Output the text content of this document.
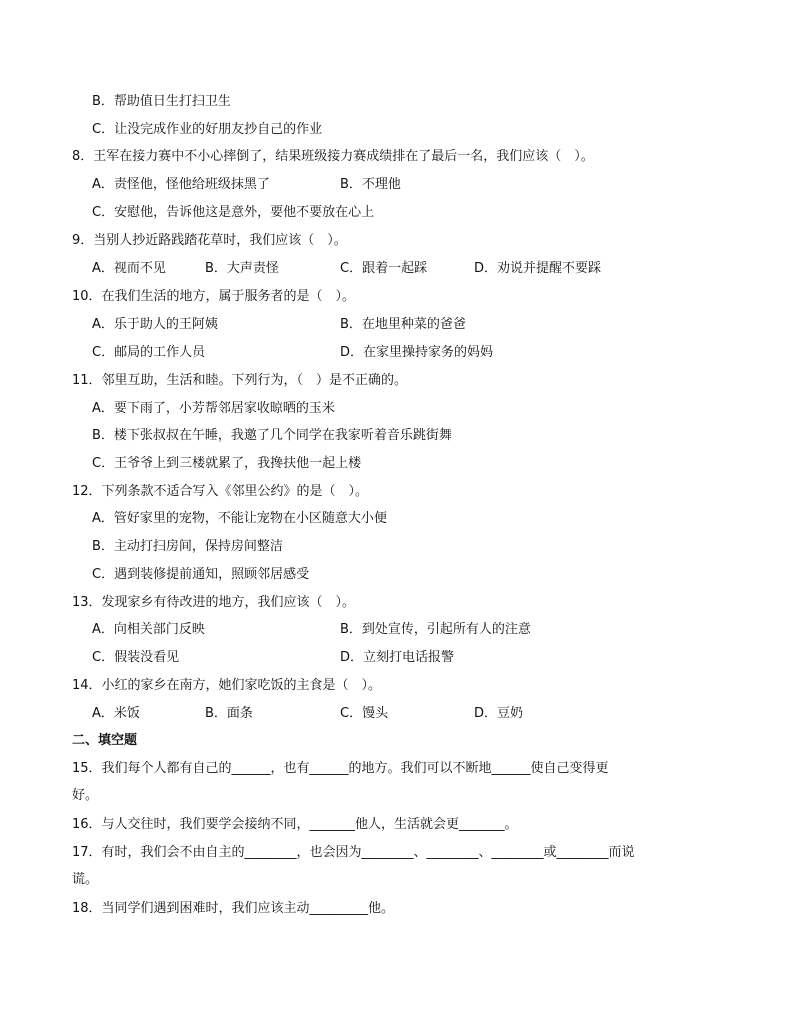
B．帮助值日生打扫卫生
C．让没完成作业的好朋友抄自己的作业
8．王军在接力赛中不小心摔倒了，结果班级接力赛成绩排在了最后一名，我们应该（　）。
A．责怪他，怪他给班级抹黑了	B．不理他
C．安慰他，告诉他这是意外，要他不要放在心上
9．当别人抄近路践踏花草时，我们应该（　）。
A．视而不见	B．大声责怪	C．跟着一起踩	D．劝说并提醒不要踩
10．在我们生活的地方，属于服务者的是（　）。
A．乐于助人的王阿姨	B．在地里种菜的爸爸
C．邮局的工作人员	D．在家里操持家务的妈妈
11．邻里互助，生活和睦。下列行为，（　）是不正确的。
A．要下雨了，小芳帮邻居家收晾晒的玉米
B．楼下张叔叔在午睡，我邀了几个同学在我家听着音乐跳街舞
C．王爷爷上到三楼就累了，我搀扶他一起上楼
12．下列条款不适合写入《邻里公约》的是（　）。
A．管好家里的宠物，不能让宠物在小区随意大小便
B．主动打扫房间，保持房间整洁
C．遇到装修提前通知，照顾邻居感受
13．发现家乡有待改进的地方，我们应该（　）。
A．向相关部门反映	B．到处宣传，引起所有人的注意
C．假装没看见	D．立刻打电话报警
14．小红的家乡在南方，她们家吃饭的主食是（　）。
A．米饭	B．面条	C．馒头	D．豆奶
二、填空题
15．我们每个人都有自己的______，也有______的地方。我们可以不断地______使自己变得更
好。
16．与人交往时，我们要学会接纳不同，_______他人，生活就会更_______。
17．有时，我们会不由自主的________，也会因为________、________、________或________而说
谎。
18．当同学们遇到困难时，我们应该主动_________他。
